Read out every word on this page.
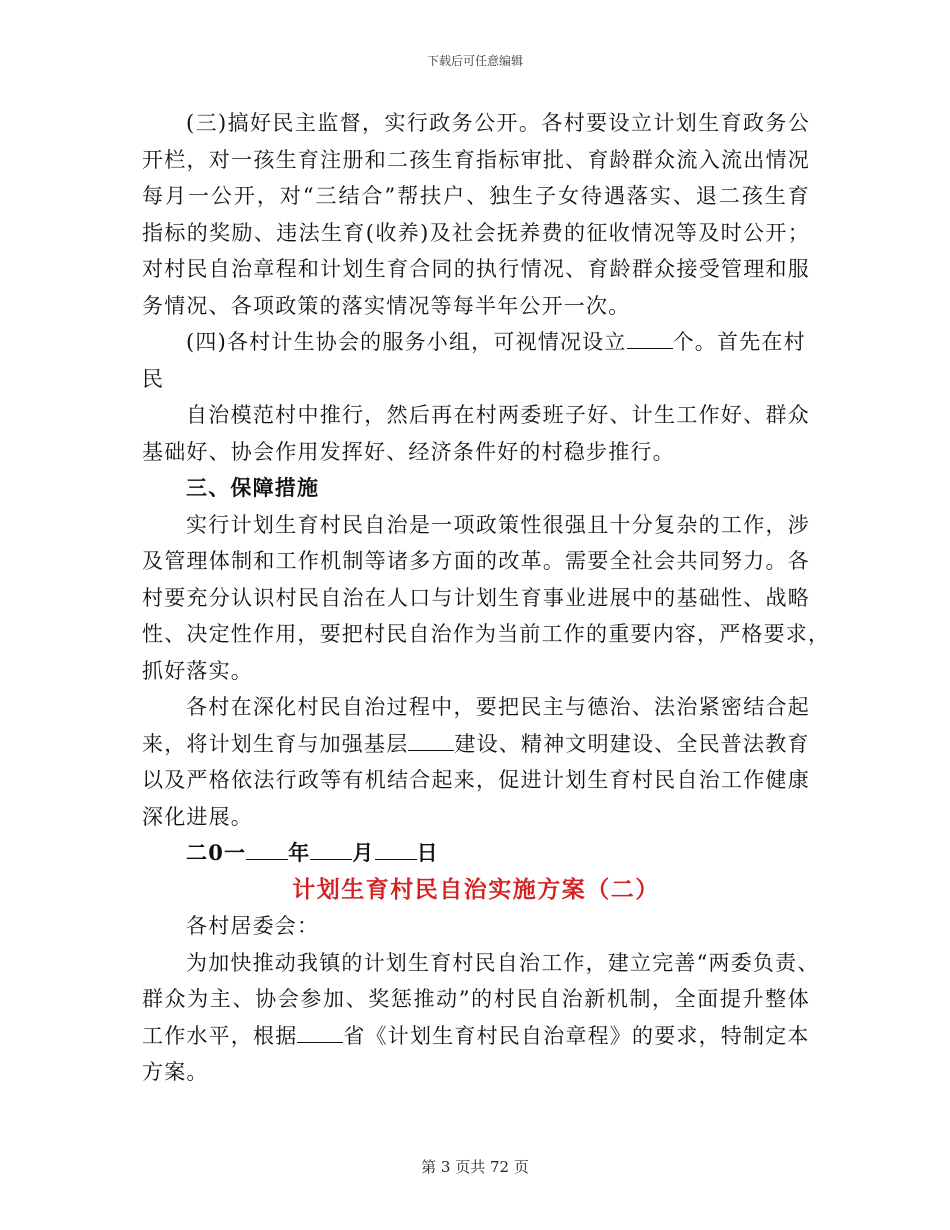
下载后可任意编辑
(三)搞好民主监督，实行政务公开。各村要设立计划生育政务公
开栏，对一孩生育注册和二孩生育指标审批、育龄群众流入流出情况
每月一公开，对“三结合”帮扶户、独生子女待遇落实、退二孩生育
指标的奖励、违法生育(收养)及社会抚养费的征收情况等及时公开；
对村民自治章程和计划生育合同的执行情况、育龄群众接受管理和服
务情况、各项政策的落实情况等每半年公开一次。
(四)各村计生协会的服务小组，可视情况设立 个。首先在村
民
自治模范村中推行，然后再在村两委班子好、计生工作好、群众
基础好、协会作用发挥好、经济条件好的村稳步推行。
三、保障措施
实行计划生育村民自治是一项政策性很强且十分复杂的工作，涉
及管理体制和工作机制等诸多方面的改革。需要全社会共同努力。各
村要充分认识村民自治在人口与计划生育事业进展中的基础性、战略
性、决定性作用，要把村民自治作为当前工作的重要内容，严格要求，
抓好落实。
各村在深化村民自治过程中，要把民主与德治、法治紧密结合起
来，将计划生育与加强基层 建设、精神文明建设、全民普法教育
以及严格依法行政等有机结合起来，促进计划生育村民自治工作健康
深化进展。
二0一 年 月 日
计划生育村民自治实施方案（二）
各村居委会：
为加快推动我镇的计划生育村民自治工作，建立完善“两委负责、
群众为主、协会参加、奖惩推动”的村民自治新机制，全面提升整体
工作水平，根据 省《计划生育村民自治章程》的要求，特制定本
方案。
第 3 页共 72 页
